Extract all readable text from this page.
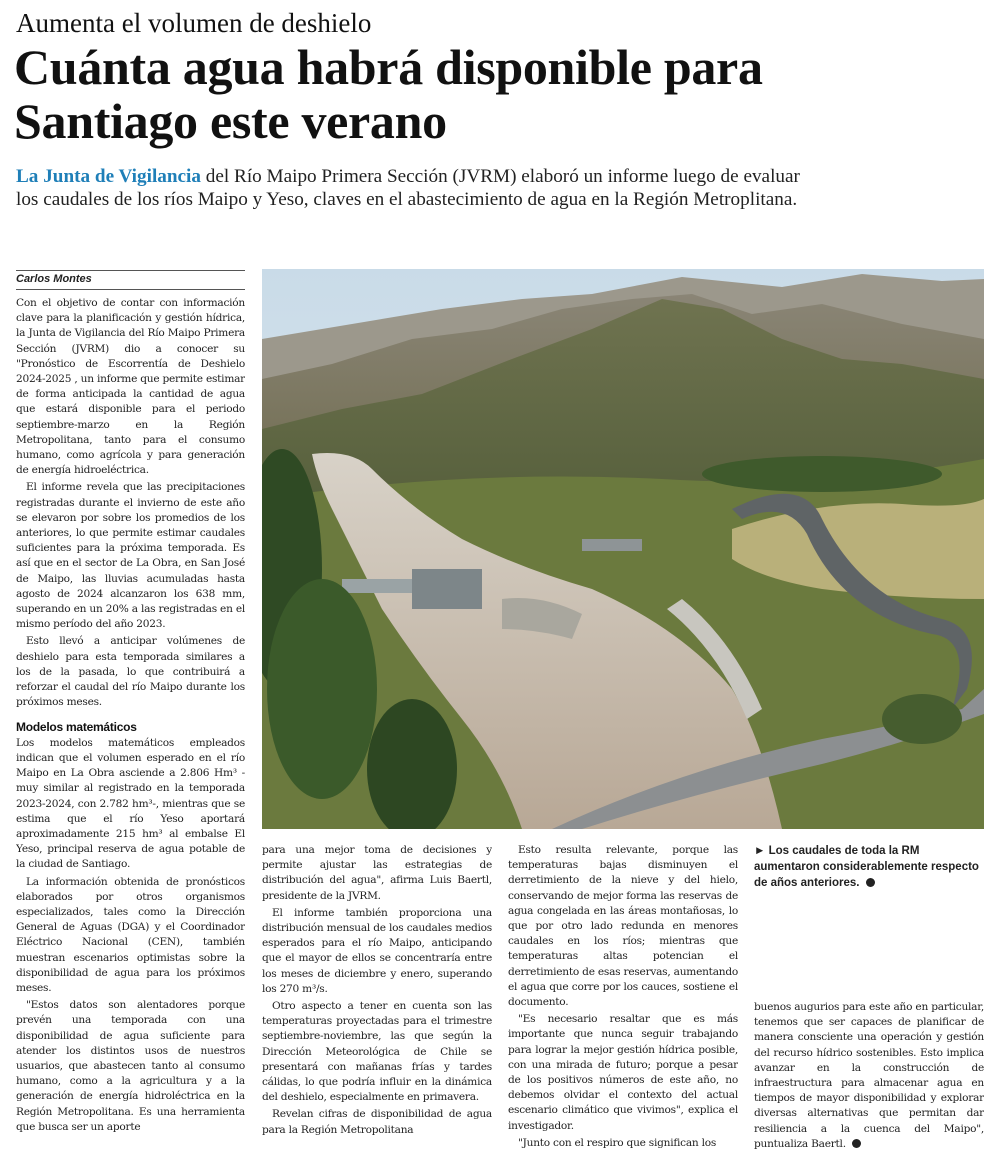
Aumenta el volumen de deshielo
Cuánta agua habrá disponible para Santiago este verano

La Junta de Vigilancia del Río Maipo Primera Sección (JVRM) elaboró un informe luego de evaluar los caudales de los ríos Maipo y Yeso, claves en el abastecimiento de agua en la Región Metroplitana.

Carlos Montes

Con el objetivo de contar con información clave para la planificación y gestión hídrica, la Junta de Vigilancia del Río Maipo Primera Sección (JVRM) dio a conocer su "Pronóstico de Escorrentía de Deshielo 2024-2025 , un informe que permite estimar de forma anticipada la cantidad de agua que estará disponible para el periodo septiembre-marzo en la Región Metropolitana, tanto para el consumo humano, como agrícola y para generación de energía hidroeléctrica.

El informe revela que las precipitaciones registradas durante el invierno de este año se elevaron por sobre los promedios de los anteriores, lo que permite estimar caudales suficientes para la próxima temporada. Es así que en el sector de La Obra, en San José de Maipo, las lluvias acumuladas hasta agosto de 2024 alcanzaron los 638 mm, superando en un 20% a las registradas en el mismo período del año 2023.

Esto llevó a anticipar volúmenes de deshielo para esta temporada similares a los de la pasada, lo que contribuirá a reforzar el caudal del río Maipo durante los próximos meses.

Modelos matemáticos

Los modelos matemáticos empleados indican que el volumen esperado en el río Maipo en La Obra asciende a 2.806 Hm³ -muy similar al registrado en la temporada 2023-2024, con 2.782 hm³-, mientras que se estima que el río Yeso aportará aproximadamente 215 hm³ al embalse El Yeso, principal reserva de agua potable de la ciudad de Santiago.

La información obtenida de pronósticos elaborados por otros organismos especializados, tales como la Dirección General de Aguas (DGA) y el Coordinador Eléctrico Nacional (CEN), también muestran escenarios optimistas sobre la disponibilidad de agua para los próximos meses.

"Estos datos son alentadores porque prevén una temporada con una disponibilidad de agua suficiente para atender los distintos usos de nuestros usuarios, que abastecen tanto al consumo humano, como a la agricultura y a la generación de energía hidroléctrica en la Región Metropolitana. Es una herramienta que busca ser un aporte

para una mejor toma de decisiones y permite ajustar las estrategias de distribución del agua", afirma Luis Baertl, presidente de la JVRM.

El informe también proporciona una distribución mensual de los caudales medios esperados para el río Maipo, anticipando que el mayor de ellos se concentraría entre los meses de diciembre y enero, superando los 270 m³/s.

Otro aspecto a tener en cuenta son las temperaturas proyectadas para el trimestre septiembre-noviembre, las que según la Dirección Meteorológica de Chile se presentará con mañanas frías y tardes cálidas, lo que podría influir en la dinámica del deshielo, especialmente en primavera.

Revelan cifras de disponibilidad de agua para la Región Metropolitana

Esto resulta relevante, porque las temperaturas bajas disminuyen el derretimiento de la nieve y del hielo, conservando de mejor forma las reservas de agua congelada en las áreas montañosas, lo que por otro lado redunda en menores caudales en los ríos; mientras que temperaturas altas potencian el derretimiento de esas reservas, aumentando el agua que corre por los cauces, sostiene el documento.

"Es necesario resaltar que es más importante que nunca seguir trabajando para lograr la mejor gestión hídrica posible, con una mirada de futuro; porque a pesar de los positivos números de este año, no debemos olvidar el contexto del actual escenario climático que vivimos", explica el investigador.

"Junto con el respiro que significan los

► Los caudales de toda la RM aumentaron considerablemente respecto de años anteriores.

buenos augurios para este año en particular, tenemos que ser capaces de planificar de manera consciente una operación y gestión del recurso hídrico sostenibles. Esto implica avanzar en la construcción de infraestructura para almacenar agua en tiempos de mayor disponibilidad y explorar diversas alternativas que permitan dar resiliencia a la cuenca del Maipo", puntualiza Baertl.
